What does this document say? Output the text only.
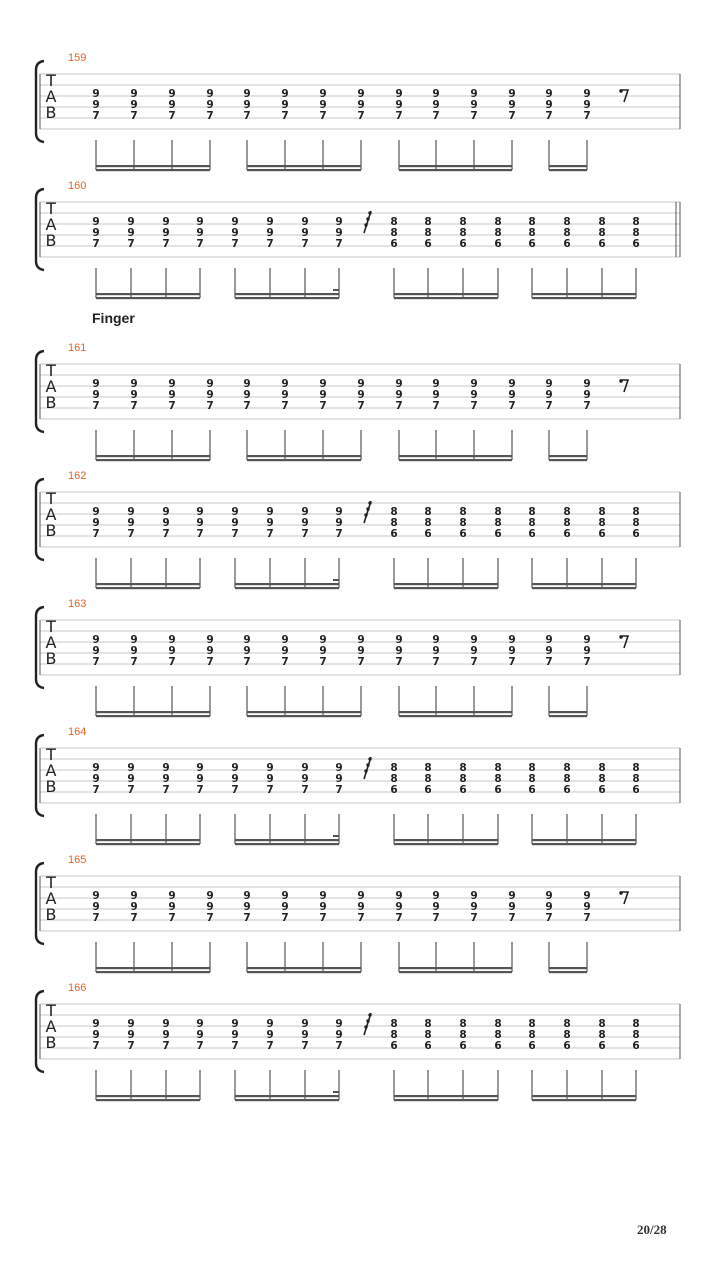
159
T
A
B
9
9
7
9
9
7
9
9
7
9
9
7
9
9
7
9
9
7
9
9
7
9
9
7
9
9
7
9
9
7
9
9
7
9
9
7
9
9
7
9
9
7
160
T
A
B
9
9
7
9
9
7
9
9
7
9
9
7
9
9
7
9
9
7
9
9
7
9
9
7
8
8
6
8
8
6
8
8
6
8
8
6
8
8
6
8
8
6
8
8
6
8
8
6
161
Finger
T
A
B
9
9
7
9
9
7
9
9
7
9
9
7
9
9
7
9
9
7
9
9
7
9
9
7
9
9
7
9
9
7
9
9
7
9
9
7
9
9
7
9
9
7
162
T
A
B
9
9
7
9
9
7
9
9
7
9
9
7
9
9
7
9
9
7
9
9
7
9
9
7
8
8
6
8
8
6
8
8
6
8
8
6
8
8
6
8
8
6
8
8
6
8
8
6
163
T
A
B
9
9
7
9
9
7
9
9
7
9
9
7
9
9
7
9
9
7
9
9
7
9
9
7
9
9
7
9
9
7
9
9
7
9
9
7
9
9
7
9
9
7
164
T
A
B
9
9
7
9
9
7
9
9
7
9
9
7
9
9
7
9
9
7
9
9
7
9
9
7
8
8
6
8
8
6
8
8
6
8
8
6
8
8
6
8
8
6
8
8
6
8
8
6
165
T
A
B
9
9
7
9
9
7
9
9
7
9
9
7
9
9
7
9
9
7
9
9
7
9
9
7
9
9
7
9
9
7
9
9
7
9
9
7
9
9
7
9
9
7
166
T
A
B
9
9
7
9
9
7
9
9
7
9
9
7
9
9
7
9
9
7
9
9
7
9
9
7
8
8
6
8
8
6
8
8
6
8
8
6
8
8
6
8
8
6
8
8
6
8
8
6
20/28
